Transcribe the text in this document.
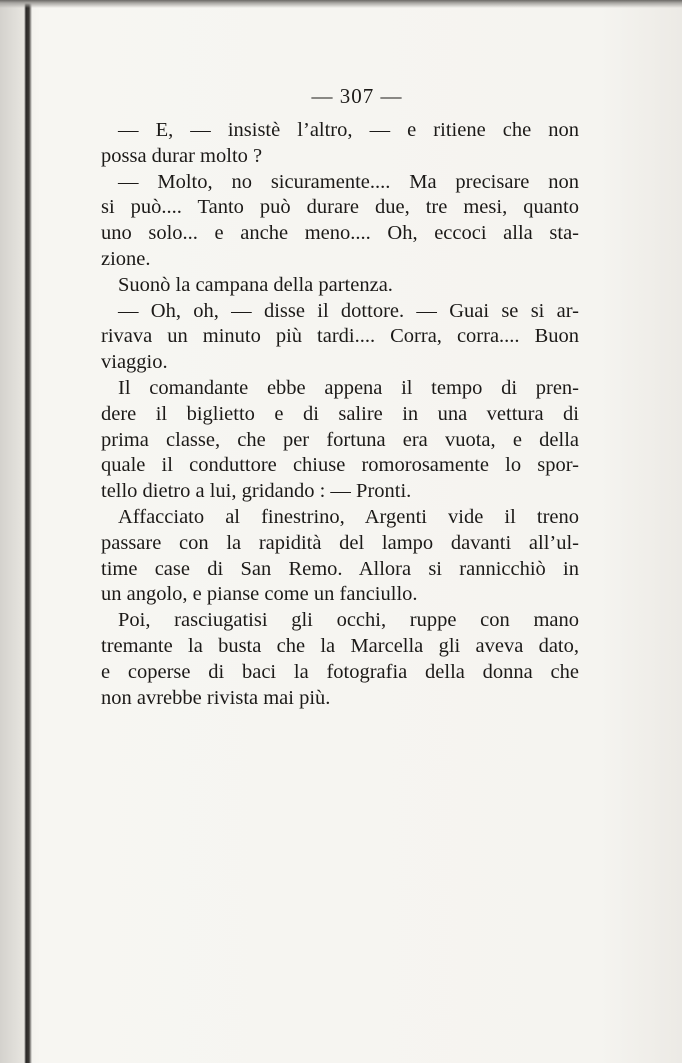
— 307 —
— E, — insistè l’altro, — e ritiene che non
possa durar molto ?
— Molto, no sicuramente.... Ma precisare non
si può.... Tanto può durare due, tre mesi, quanto
uno solo... e anche meno.... Oh, eccoci alla sta-
zione.
Suonò la campana della partenza.
— Oh, oh, — disse il dottore. — Guai se si ar-
rivava un minuto più tardi.... Corra, corra.... Buon
viaggio.
Il comandante ebbe appena il tempo di pren-
dere il biglietto e di salire in una vettura di
prima classe, che per fortuna era vuota, e della
quale il conduttore chiuse romorosamente lo spor-
tello dietro a lui, gridando : — Pronti.
Affacciato al finestrino, Argenti vide il treno
passare con la rapidità del lampo davanti all’ul-
time case di San Remo. Allora si rannicchiò in
un angolo, e pianse come un fanciullo.
Poi, rasciugatisi gli occhi, ruppe con mano
tremante la busta che la Marcella gli aveva dato,
e coperse di baci la fotografia della donna che
non avrebbe rivista mai più.
